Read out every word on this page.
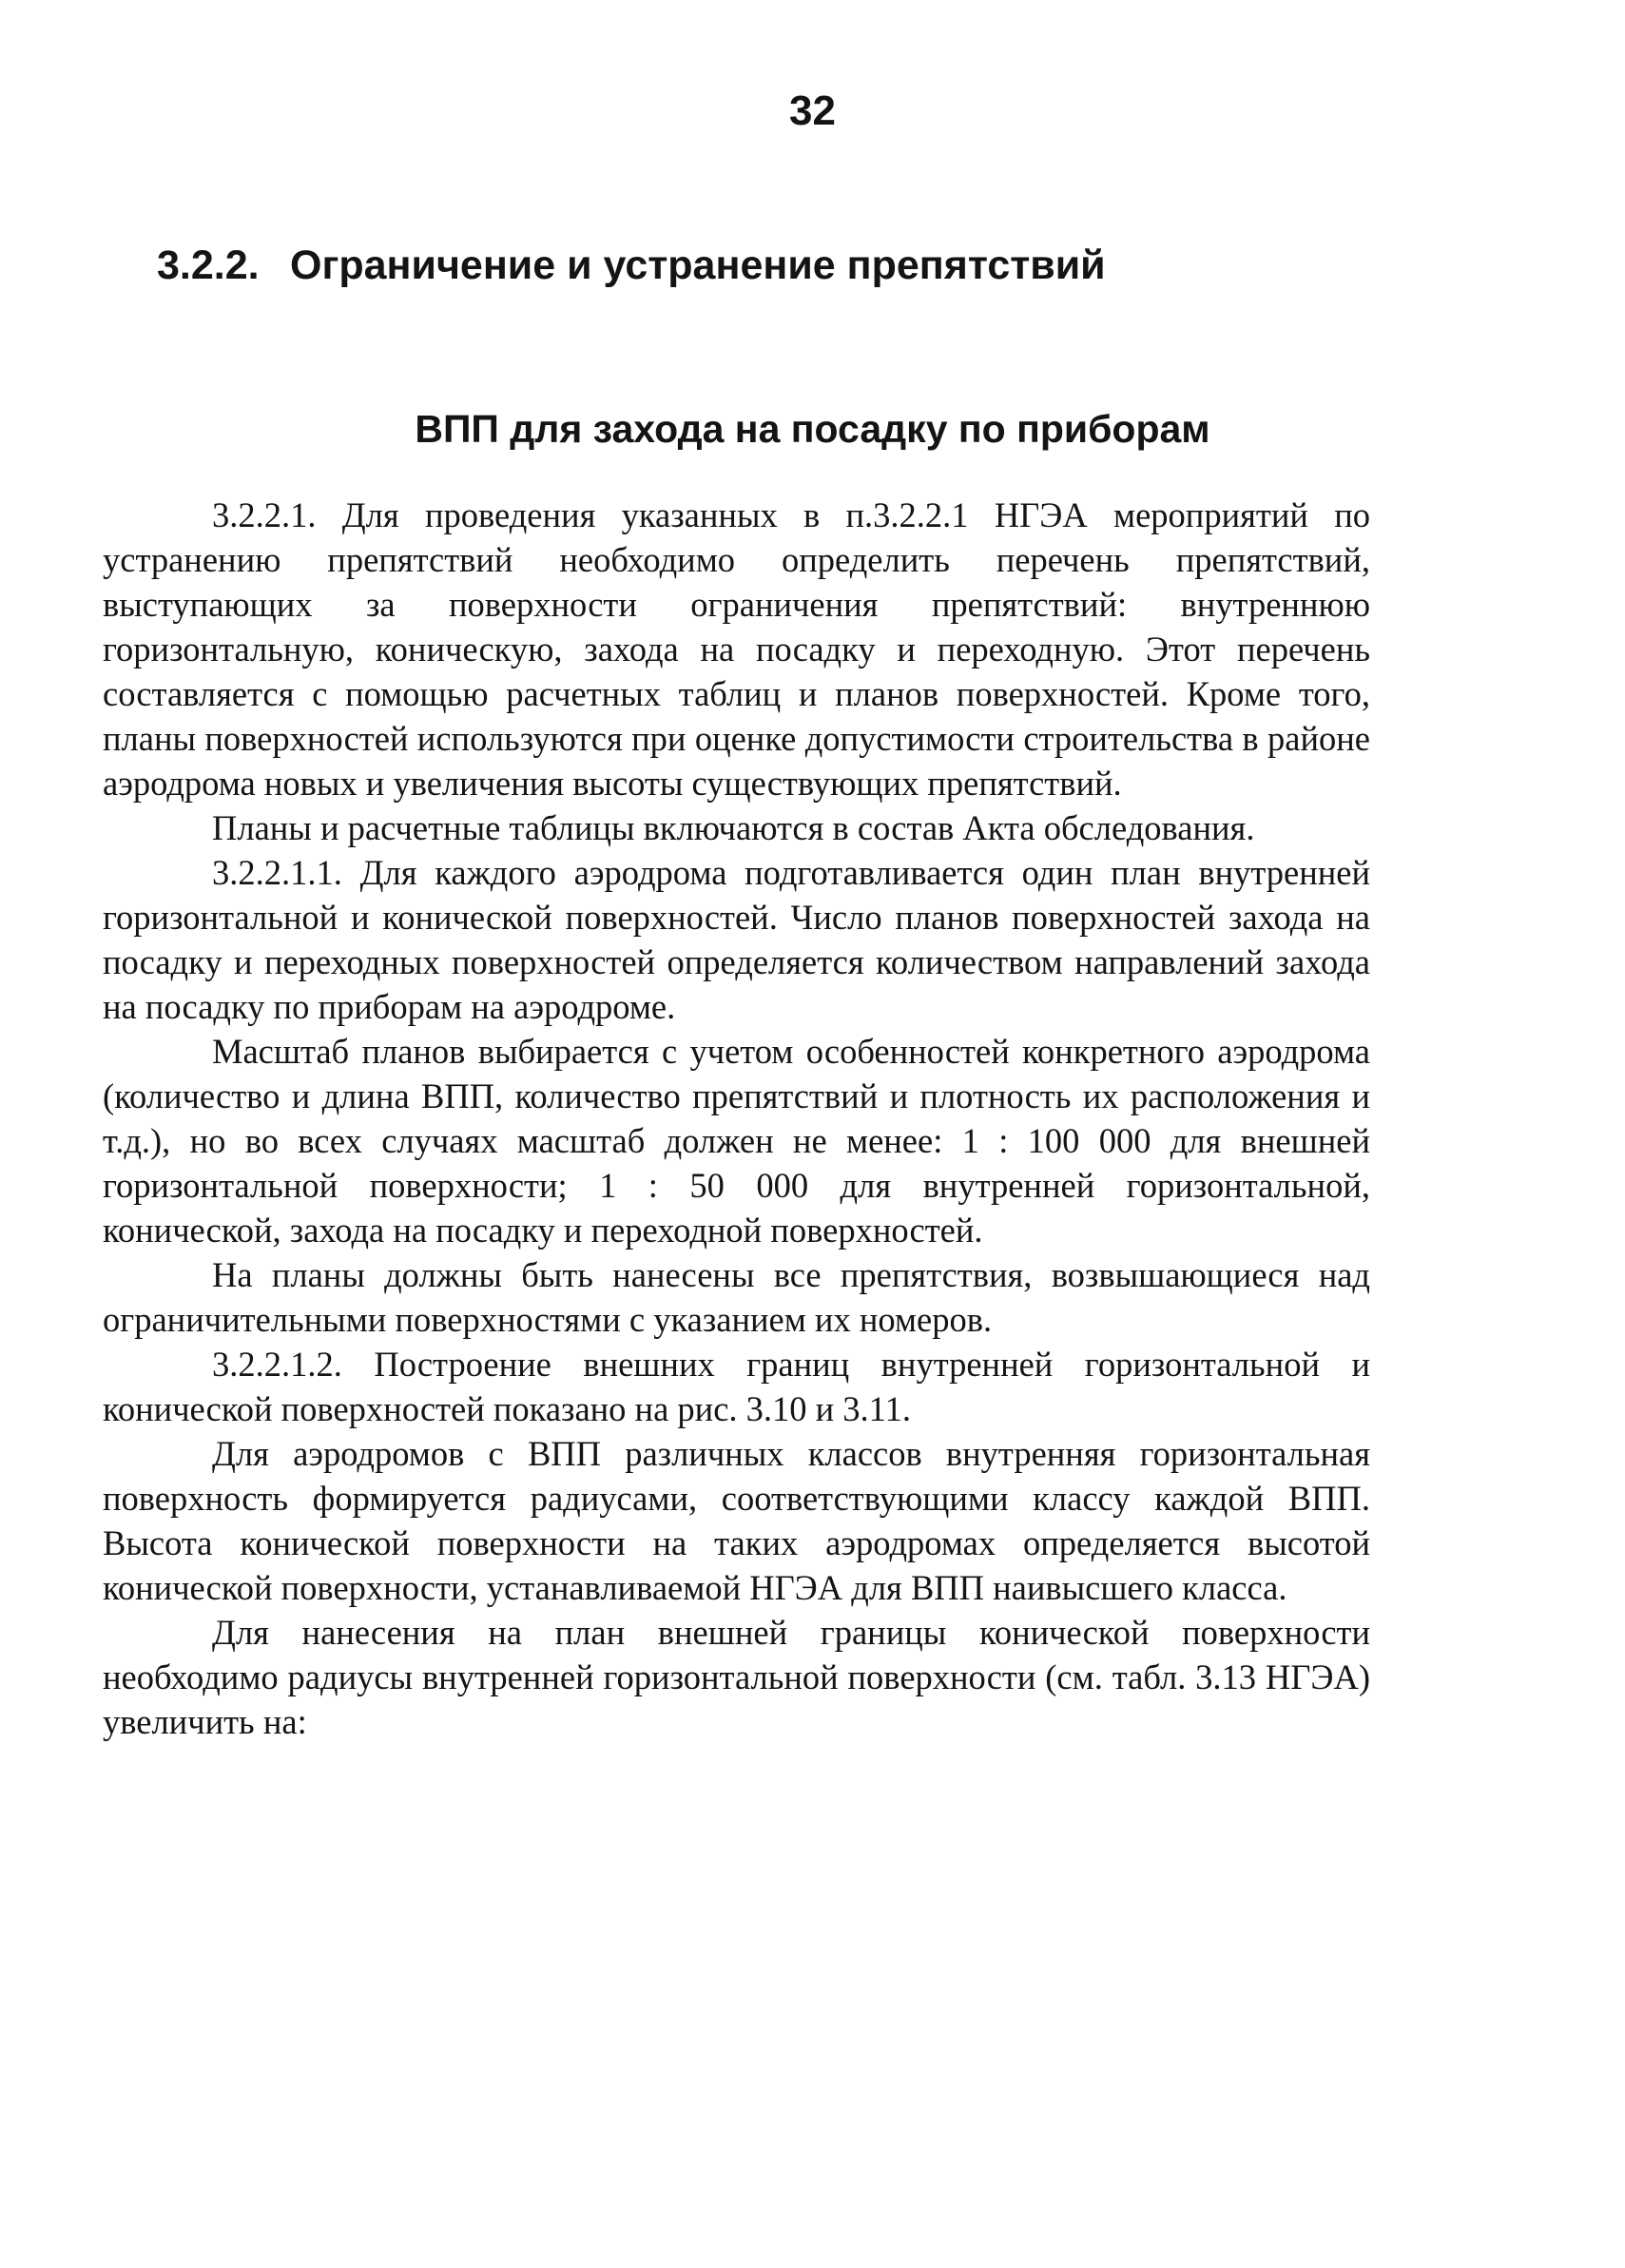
32
3.2.2. Ограничение и устранение препятствий
ВПП для захода на посадку по приборам

3.2.2.1. Для проведения указанных в п.3.2.2.1 НГЭА мероприятий по устранению препятствий необходимо определить перечень препятствий, выступающих за поверхности ограничения препятствий: внутреннюю горизонтальную, коническую, захода на посадку и переходную. Этот перечень составляется с помощью расчетных таблиц и планов поверхностей. Кроме того, планы поверхностей используются при оценке допустимости строительства в районе аэродрома новых и увеличения высоты существующих препятствий.

Планы и расчетные таблицы включаются в состав Акта обследования.

3.2.2.1.1. Для каждого аэродрома подготавливается один план внутренней горизонтальной и конической поверхностей. Число планов поверхностей захода на посадку и переходных поверхностей определяется количеством направлений захода на посадку по приборам на аэродроме.

Масштаб планов выбирается с учетом особенностей конкретного аэродрома (количество и длина ВПП, количество препятствий и плотность их расположения и т.д.), но во всех случаях масштаб должен не менее: 1 : 100 000 для внешней горизонтальной поверхности; 1 : 50 000 для внутренней горизонтальной, конической, захода на посадку и переходной поверхностей.

На планы должны быть нанесены все препятствия, возвышающиеся над ограничительными поверхностями с указанием их номеров.

3.2.2.1.2. Построение внешних границ внутренней горизонтальной и конической поверхностей показано на рис. 3.10 и 3.11.

Для аэродромов с ВПП различных классов внутренняя горизонтальная поверхность формируется радиусами, соответствующими классу каждой ВПП. Высота конической поверхности на таких аэродромах определяется высотой конической поверхности, устанавливаемой НГЭА для ВПП наивысшего класса.

Для нанесения на план внешней границы конической поверхности необходимо радиусы внутренней горизонтальной поверхности (см. табл. 3.13 НГЭА) увеличить на:
